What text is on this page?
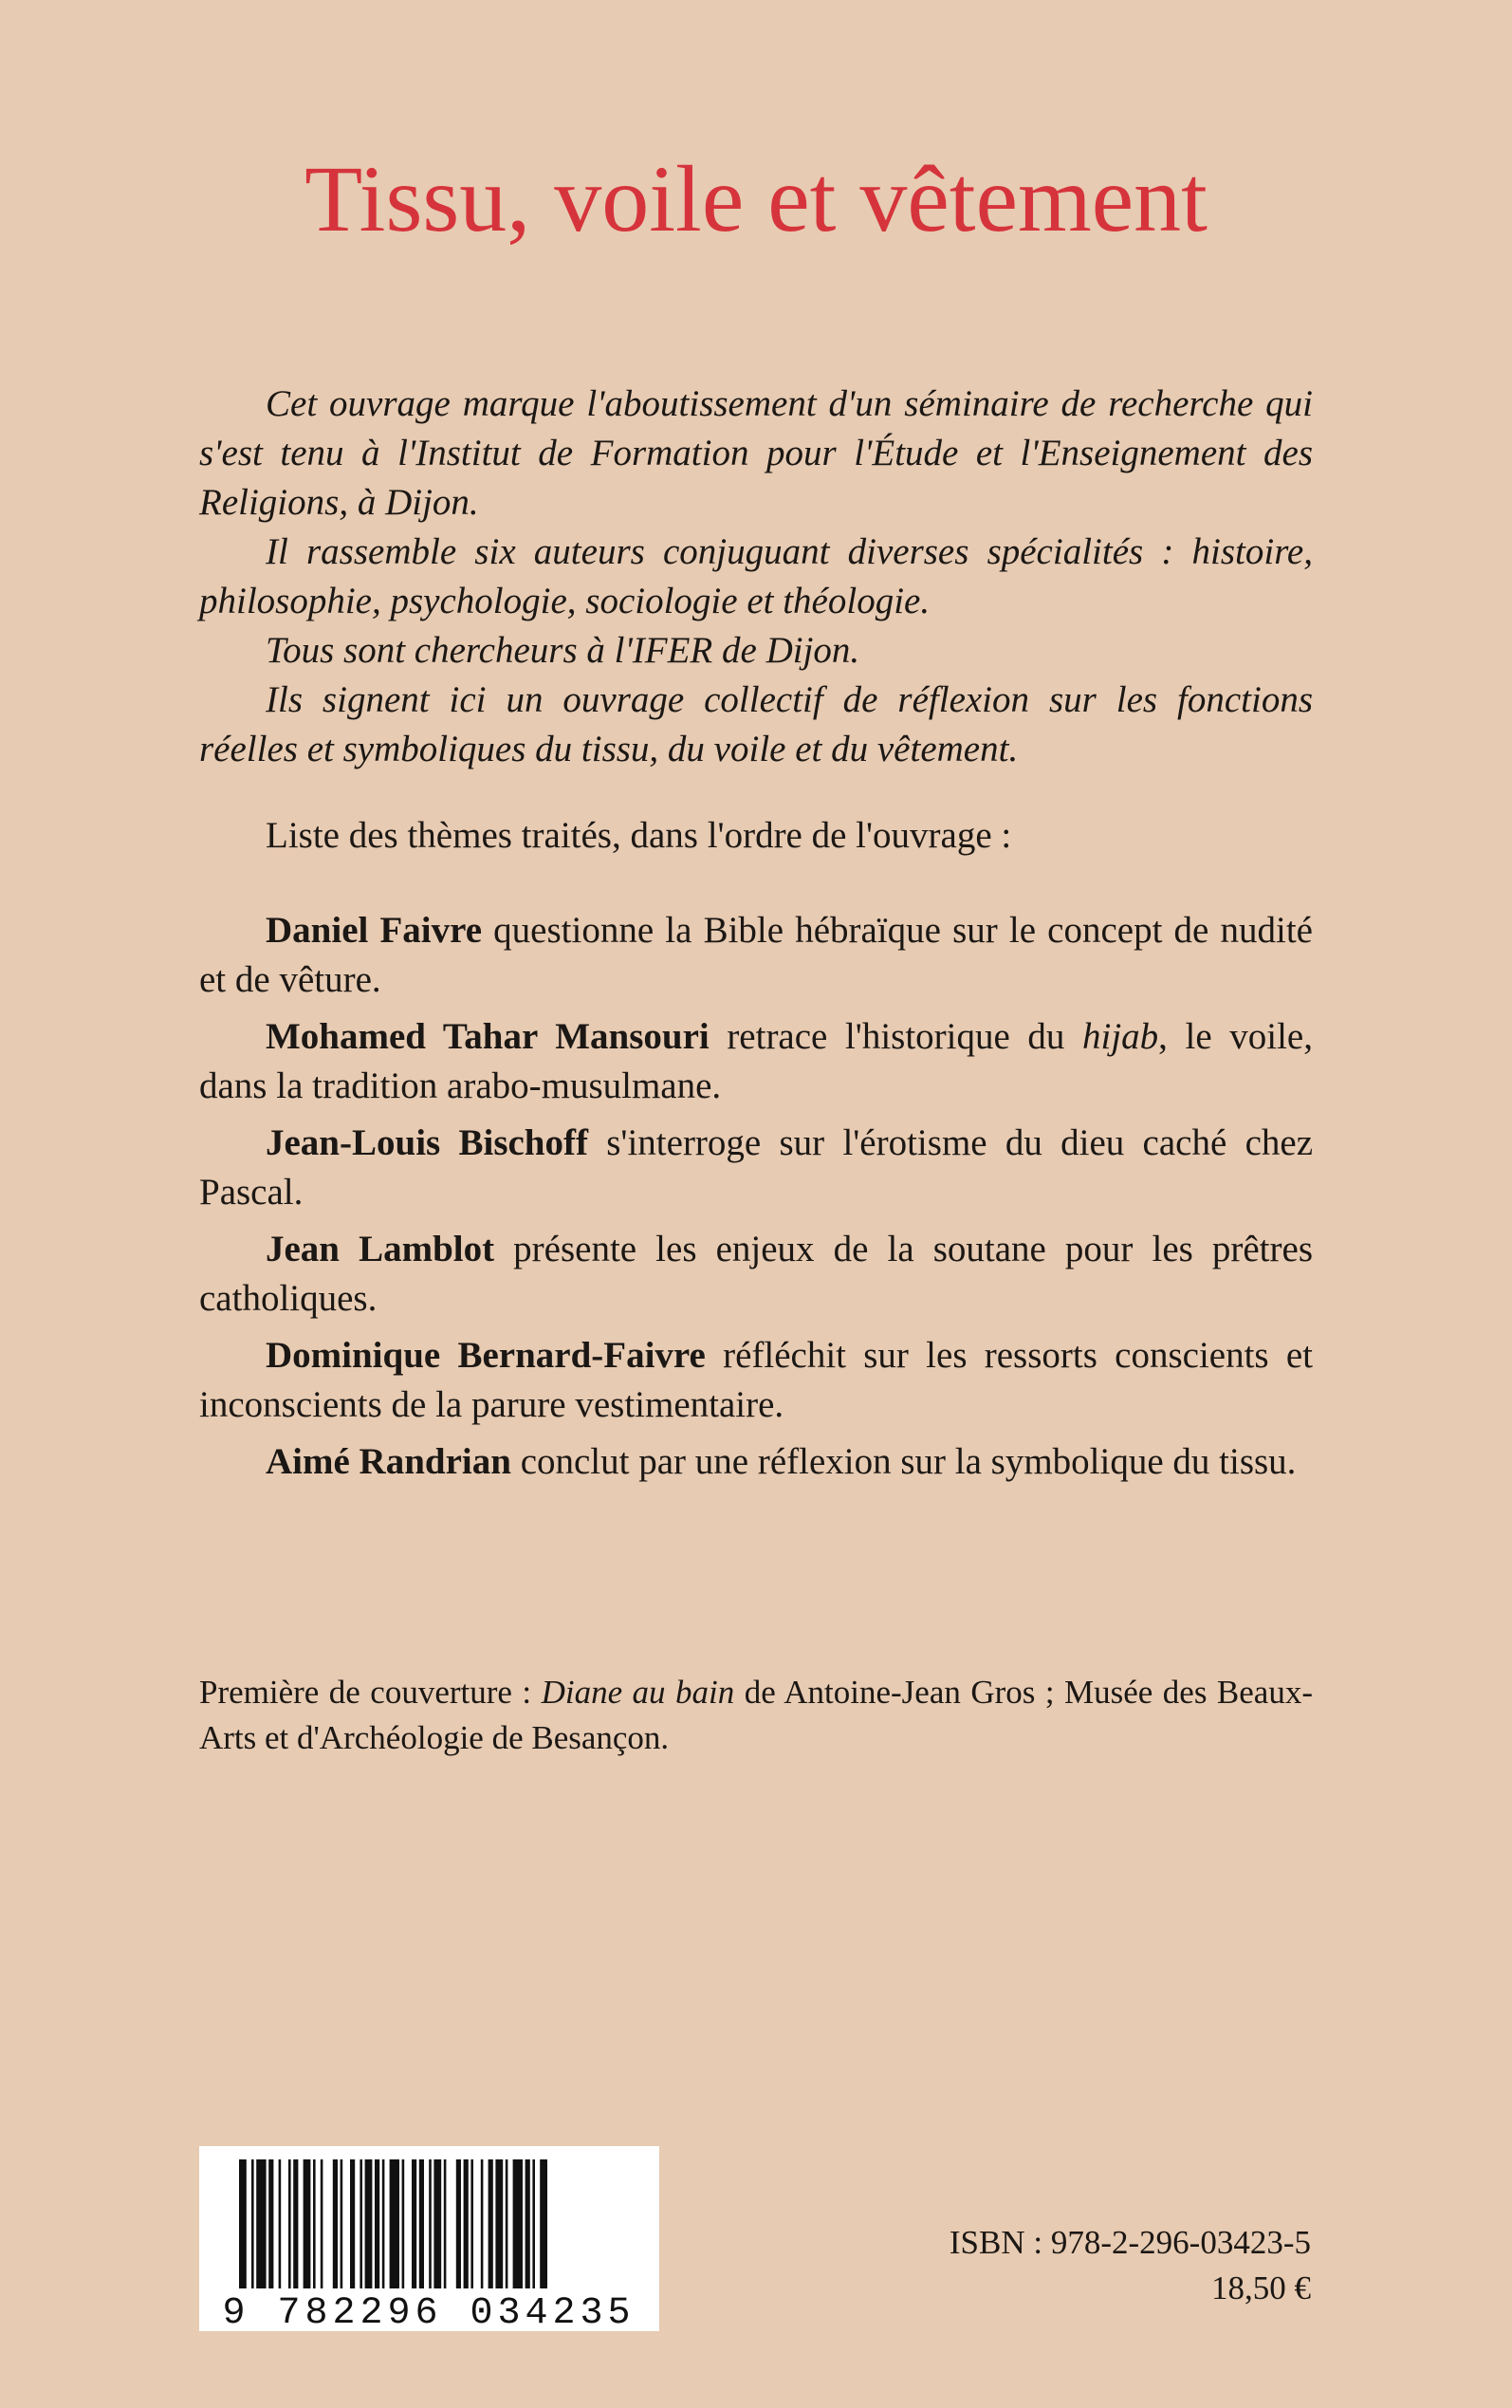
Tissu, voile et vêtement

Cet ouvrage marque l'aboutissement d'un séminaire de recherche qui s'est tenu à l'Institut de Formation pour l'Étude et l'Enseignement des Religions, à Dijon.

Il rassemble six auteurs conjuguant diverses spécialités : histoire, philosophie, psychologie, sociologie et théologie.

Tous sont chercheurs à l'IFER de Dijon.

Ils signent ici un ouvrage collectif de réflexion sur les fonctions réelles et symboliques du tissu, du voile et du vêtement.

Liste des thèmes traités, dans l'ordre de l'ouvrage :

Daniel Faivre questionne la Bible hébraïque sur le concept de nudité et de vêture.

Mohamed Tahar Mansouri retrace l'historique du hijab, le voile, dans la tradition arabo-musulmane.

Jean-Louis Bischoff s'interroge sur l'érotisme du dieu caché chez Pascal.

Jean Lamblot présente les enjeux de la soutane pour les prêtres catholiques.

Dominique Bernard-Faivre réfléchit sur les ressorts conscients et inconscients de la parure vestimentaire.

Aimé Randrian conclut par une réflexion sur la symbolique du tissu.

Première de couverture : Diane au bain de Antoine-Jean Gros ; Musée des Beaux-Arts et d'Archéologie de Besançon.

9 782296 034235
ISBN : 978-2-296-03423-5
18,50 €
